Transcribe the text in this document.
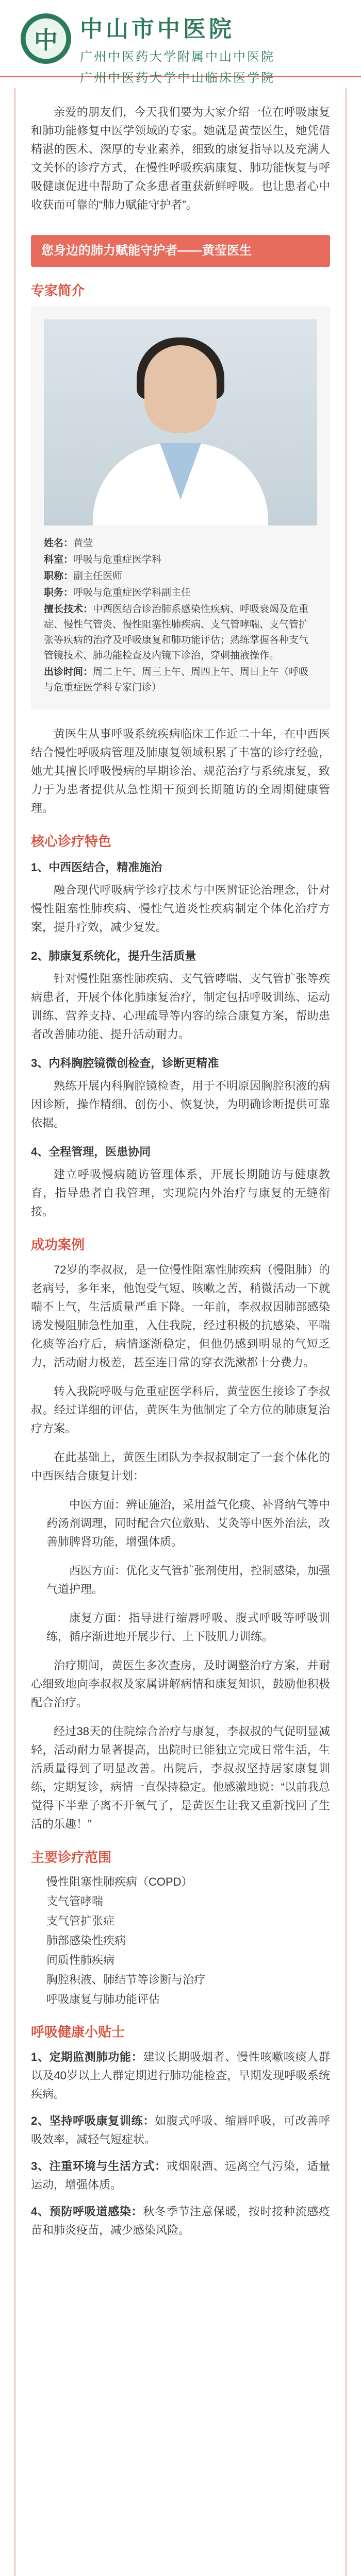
中 中山市中医院
广州中医药大学附属中山中医院
广州中医药大学中山临床医学院

亲爱的朋友们，今天我们要为大家介绍一位在呼吸康复和肺功能修复中医学领域的专家。她就是黄莹医生，她凭借精湛的医术、深厚的专业素养，细致的康复指导以及充满人文关怀的诊疗方式，在慢性呼吸疾病康复、肺功能恢复与呼吸健康促进中帮助了众多患者重获新鲜呼吸。也让患者心中收获而可靠的“肺力赋能守护者”。

您身边的肺力赋能守护者——黄莹医生
专家简介
姓名：黄莹
科室：呼吸与危重症医学科
职称：副主任医师
职务：呼吸与危重症医学科副主任
擅长技术：中西医结合诊治肺系感染性疾病、呼吸衰竭及危重症、慢性气管炎、慢性阻塞性肺疾病、支气管哮喘、支气管扩张等疾病的治疗及呼吸康复和肺功能评估；熟练掌握各种支气管镜技术、肺功能检查及内镜下诊治，穿刺抽液操作。
出诊时间：周二上午、周三上午、周四上午、周日上午（呼吸与危重症医学科专家门诊）

黄医生从事呼吸系统疾病临床工作近二十年，在中西医结合慢性呼吸病管理及肺康复领域积累了丰富的诊疗经验，她尤其擅长呼吸慢病的早期诊治、规范治疗与系统康复，致力于为患者提供从急性期干预到长期随访的全周期健康管理。

核心诊疗特色
1、中西医结合，精准施治

融合现代呼吸病学诊疗技术与中医辨证论治理念，针对慢性阻塞性肺疾病、慢性气道炎性疾病制定个体化治疗方案，提升疗效，减少复发。

2、肺康复系统化，提升生活质量

针对慢性阻塞性肺疾病、支气管哮喘、支气管扩张等疾病患者，开展个体化肺康复治疗，制定包括呼吸训练、运动训练、营养支持、心理疏导等内容的综合康复方案，帮助患者改善肺功能、提升活动耐力。

3、内科胸腔镜微创检查，诊断更精准

熟练开展内科胸腔镜检查，用于不明原因胸腔积液的病因诊断，操作精细、创伤小、恢复快，为明确诊断提供可靠依据。

4、全程管理，医患协同

建立呼吸慢病随访管理体系，开展长期随访与健康教育，指导患者自我管理，实现院内外治疗与康复的无缝衔接。

成功案例

72岁的李叔叔，是一位慢性阻塞性肺疾病（慢阻肺）的老病号，多年来，他饱受气短、咳嗽之苦，稍微活动一下就喘不上气，生活质量严重下降。一年前，李叔叔因肺部感染诱发慢阻肺急性加重，入住我院，经过积极的抗感染、平喘化痰等治疗后，病情逐渐稳定，但他仍感到明显的气短乏力，活动耐力极差，甚至连日常的穿衣洗漱都十分费力。

转入我院呼吸与危重症医学科后，黄莹医生接诊了李叔叔。经过详细的评估，黄医生为他制定了全方位的肺康复治疗方案。

在此基础上，黄医生团队为李叔叔制定了一套个体化的中西医结合康复计划：

中医方面：辨证施治，采用益气化痰、补肾纳气等中药汤剂调理，同时配合穴位敷贴、艾灸等中医外治法，改善肺脾肾功能，增强体质。

西医方面：优化支气管扩张剂使用，控制感染，加强气道护理。

康复方面：指导进行缩唇呼吸、腹式呼吸等呼吸训练，循序渐进地开展步行、上下肢肌力训练。

治疗期间，黄医生多次查房，及时调整治疗方案，并耐心细致地向李叔叔及家属讲解病情和康复知识，鼓励他积极配合治疗。

经过38天的住院综合治疗与康复，李叔叔的气促明显减轻，活动耐力显著提高，出院时已能独立完成日常生活，生活质量得到了明显改善。出院后，李叔叔坚持居家康复训练，定期复诊，病情一直保持稳定。他感激地说：“以前我总觉得下半辈子离不开氧气了，是黄医生让我又重新找回了生活的乐趣！”

主要诊疗范围
慢性阻塞性肺疾病（COPD）
支气管哮喘
支气管扩张症
肺部感染性疾病
间质性肺疾病
胸腔积液、肺结节等诊断与治疗
呼吸康复与肺功能评估
呼吸健康小贴士
1、定期监测肺功能：建议长期吸烟者、慢性咳嗽咳痰人群以及40岁以上人群定期进行肺功能检查，早期发现呼吸系统疾病。
2、坚持呼吸康复训练：如腹式呼吸、缩唇呼吸，可改善呼吸效率，减轻气短症状。
3、注重环境与生活方式：戒烟限酒、远离空气污染，适量运动，增强体质。
4、预防呼吸道感染：秋冬季节注意保暖，按时接种流感疫苗和肺炎疫苗，减少感染风险。
